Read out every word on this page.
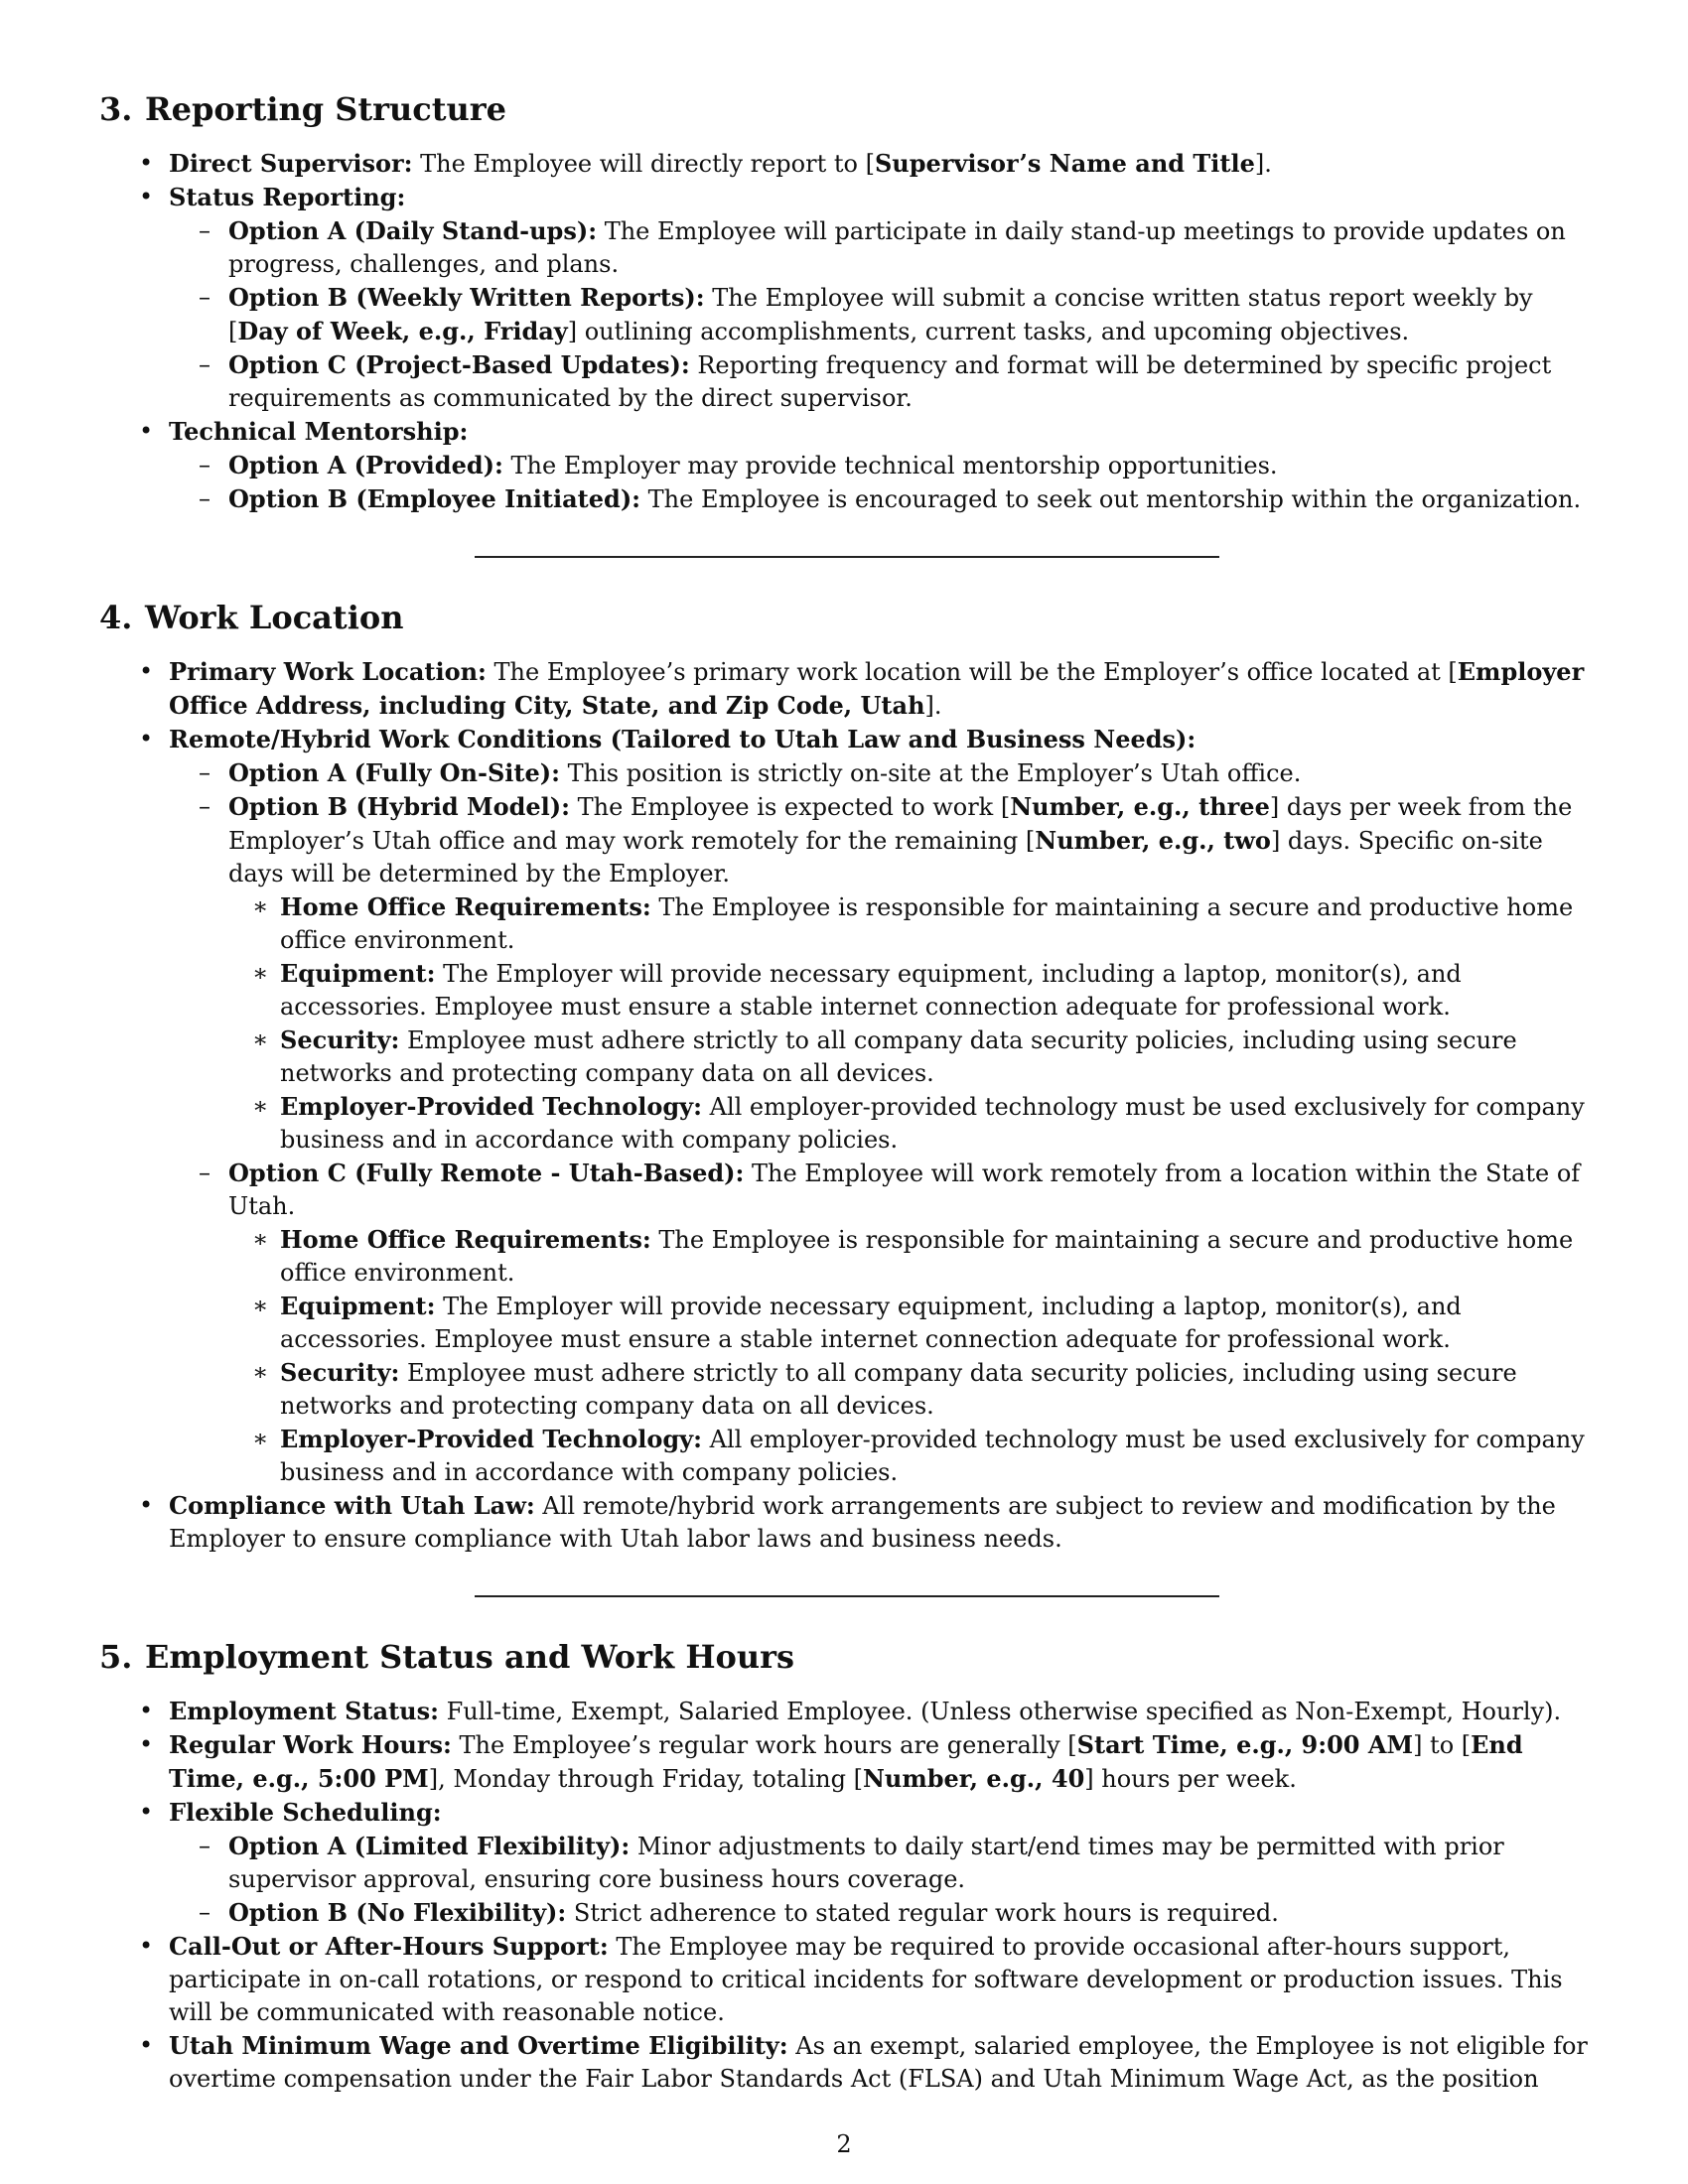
3. Reporting Structure

• Direct Supervisor: The Employee will directly report to [Supervisor’s Name and Title].

• Status Reporting:

– Option A (Daily Stand-ups): The Employee will participate in daily stand-up meetings to provide updates on progress, challenges, and plans.

– Option B (Weekly Written Reports): The Employee will submit a concise written status report weekly by [Day of Week, e.g., Friday] outlining accomplishments, current tasks, and upcoming objectives.

– Option C (Project-Based Updates): Reporting frequency and format will be determined by specific project requirements as communicated by the direct supervisor.

• Technical Mentorship:

– Option A (Provided): The Employer may provide technical mentorship opportunities.

– Option B (Employee Initiated): The Employee is encouraged to seek out mentorship within the organization.

4. Work Location

• Primary Work Location: The Employee’s primary work location will be the Employer’s office located at [Employer Office Address, including City, State, and Zip Code, Utah].

• Remote/Hybrid Work Conditions (Tailored to Utah Law and Business Needs):

– Option A (Fully On-Site): This position is strictly on-site at the Employer’s Utah office.

– Option B (Hybrid Model): The Employee is expected to work [Number, e.g., three] days per week from the Employer’s Utah office and may work remotely for the remaining [Number, e.g., two] days. Specific on-site days will be determined by the Employer.

∗ Home Office Requirements: The Employee is responsible for maintaining a secure and productive home office environment.

∗ Equipment: The Employer will provide necessary equipment, including a laptop, monitor(s), and accessories. Employee must ensure a stable internet connection adequate for professional work.

∗ Security: Employee must adhere strictly to all company data security policies, including using secure networks and protecting company data on all devices.

∗ Employer-Provided Technology: All employer-provided technology must be used exclusively for company business and in accordance with company policies.

– Option C (Fully Remote - Utah-Based): The Employee will work remotely from a location within the State of Utah.

∗ Home Office Requirements: The Employee is responsible for maintaining a secure and productive home office environment.

∗ Equipment: The Employer will provide necessary equipment, including a laptop, monitor(s), and accessories. Employee must ensure a stable internet connection adequate for professional work.

∗ Security: Employee must adhere strictly to all company data security policies, including using secure networks and protecting company data on all devices.

∗ Employer-Provided Technology: All employer-provided technology must be used exclusively for company business and in accordance with company policies.

• Compliance with Utah Law: All remote/hybrid work arrangements are subject to review and modification by the Employer to ensure compliance with Utah labor laws and business needs.

5. Employment Status and Work Hours

• Employment Status: Full-time, Exempt, Salaried Employee. (Unless otherwise specified as Non-Exempt, Hourly).

• Regular Work Hours: The Employee’s regular work hours are generally [Start Time, e.g., 9:00 AM] to [End Time, e.g., 5:00 PM], Monday through Friday, totaling [Number, e.g., 40] hours per week.

• Flexible Scheduling:

– Option A (Limited Flexibility): Minor adjustments to daily start/end times may be permitted with prior supervisor approval, ensuring core business hours coverage.

– Option B (No Flexibility): Strict adherence to stated regular work hours is required.

• Call-Out or After-Hours Support: The Employee may be required to provide occasional after-hours support, participate in on-call rotations, or respond to critical incidents for software development or production issues. This will be communicated with reasonable notice.

• Utah Minimum Wage and Overtime Eligibility: As an exempt, salaried employee, the Employee is not eligible for overtime compensation under the Fair Labor Standards Act (FLSA) and Utah Minimum Wage Act, as the position

2
